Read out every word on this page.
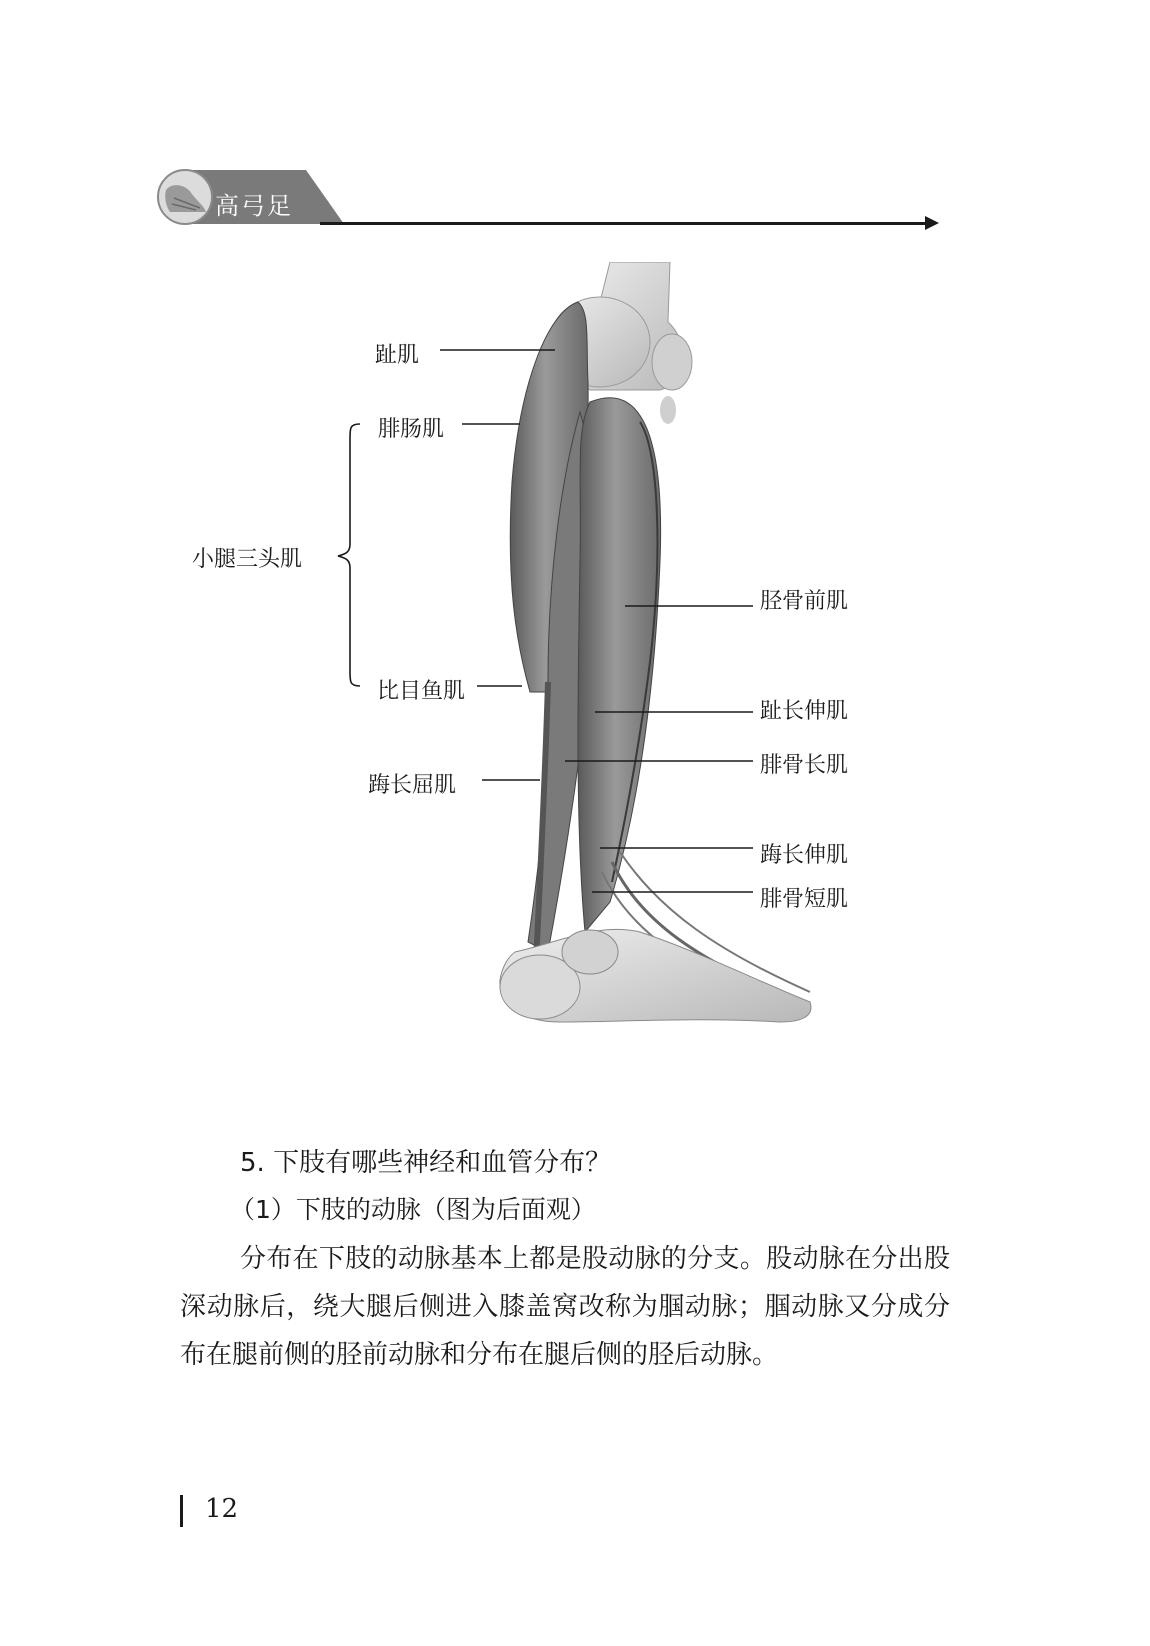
高弓足
趾肌
腓肠肌
小腿三头肌
比目鱼肌
踇长屈肌
胫骨前肌
趾长伸肌
腓骨长肌
踇长伸肌
腓骨短肌
5. 下肢有哪些神经和血管分布？
（1）下肢的动脉（图为后面观）
分布在下肢的动脉基本上都是股动脉的分支。股动脉在分出股深动脉后，绕大腿后侧进入膝盖窝改称为腘动脉；腘动脉又分成分布在腿前侧的胫前动脉和分布在腿后侧的胫后动脉。
12
